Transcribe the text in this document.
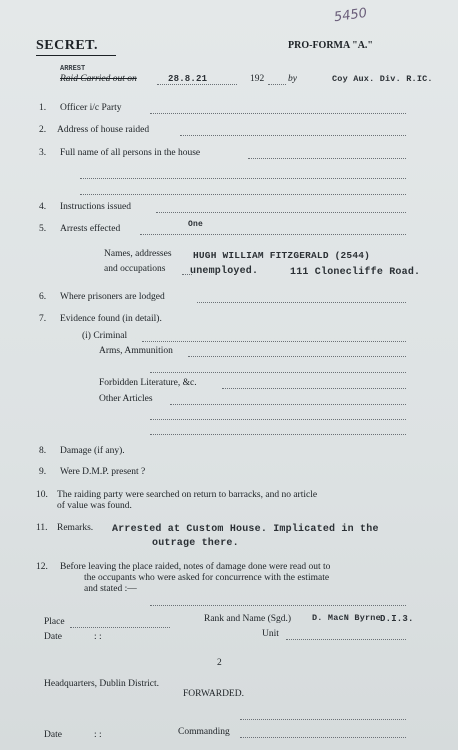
5450
SECRET.	PRO-FORMA "A."
ARREST
Raid Carried out on	28.8.21	192	by	Coy Aux. Div. R.IC.
1. Officer i/c Party
2. Address of house raided
3. Full name of all persons in the house
4. Instructions issued
5. Arrests effected	One
Names, addresses HUGH WILLIAM FITZGERALD (2544)
and occupations unemployed.	111 Clonecliffe Road.
6. Where prisoners are lodged
7. Evidence found (in detail).
(i) Criminal
Arms, Ammunition
Forbidden Literature, &c.
Other Articles
8. Damage (if any).
9. Were D.M.P. present ?
10. The raiding party were searched on return to barracks, and no article
of value was found.
11. Remarks. Arrested at Custom House. Implicated in the
outrage there.
12. Before leaving the place raided, notes of damage done were read out to
the occupants who were asked for concurrence with the estimate
and stated :—
Place	Rank and Name (Sgd.) D. MacN Byrne D.I.3.
Date	: :	Unit
2
Headquarters, Dublin District.
FORWARDED.
Date	: :	Commanding
